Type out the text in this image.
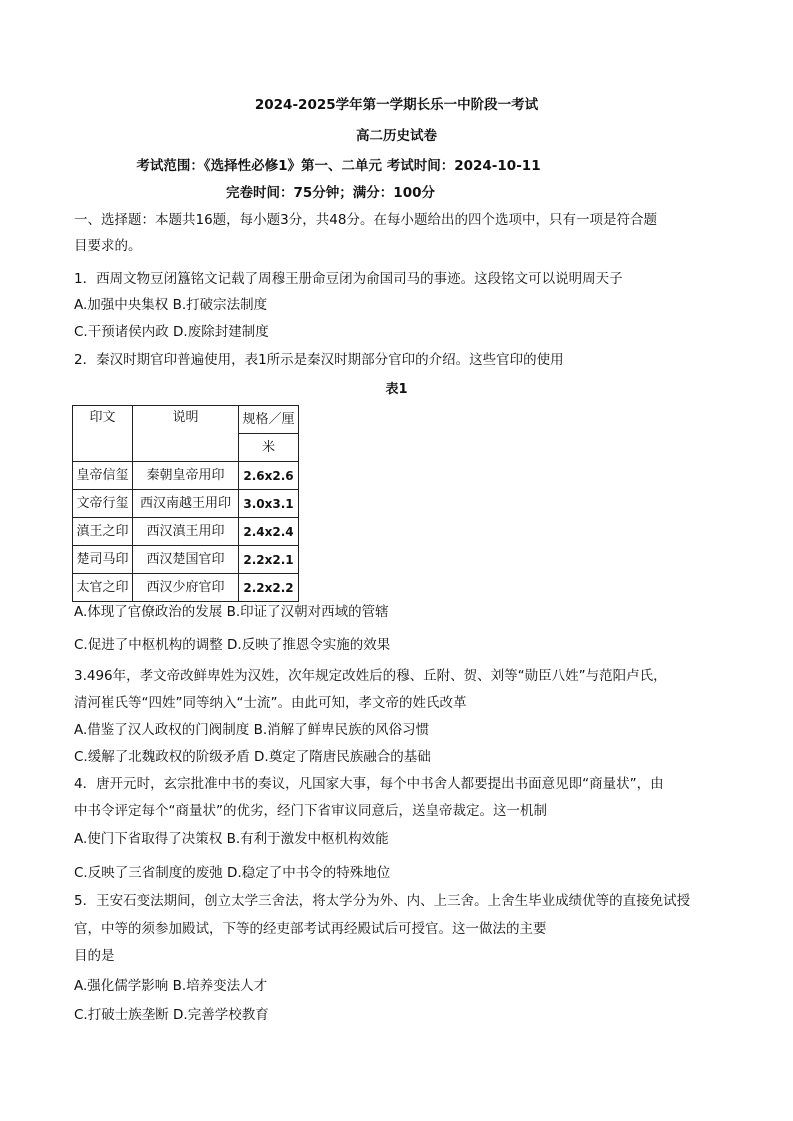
2024-2025学年第一学期长乐一中阶段一考试
高二历史试卷
考试范围：《选择性必修1》第一、二单元 考试时间：2024-10-11
完卷时间：75分钟；满分：100分
一、选择题：本题共16题，每小题3分，共48分。在每小题给出的四个选项中，只有一项是符合题
目要求的。
1．西周文物豆闭簋铭文记载了周穆王册命豆闭为俞国司马的事迹。这段铭文可以说明周天子
A.加强中央集权 B.打破宗法制度
C.干预诸侯内政 D.废除封建制度
2．秦汉时期官印普遍使用，表1所示是秦汉时期部分官印的介绍。这些官印的使用
表1
印文	说明	规格／厘
		米
皇帝信玺	秦朝皇帝用印	2.6x2.6
文帝行玺	西汉南越王用印	3.0x3.1
滇王之印	西汉滇王用印	2.4x2.4
楚司马印	西汉楚国官印	2.2x2.1
太官之印	西汉少府官印	2.2x2.2
A.体现了官僚政治的发展 B.印证了汉朝对西域的管辖
C.促进了中枢机构的调整 D.反映了推恩令实施的效果
3.496年，孝文帝改鲜卑姓为汉姓，次年规定改姓后的穆、丘附、贺、刘等“勋臣八姓”与范阳卢氏，
清河崔氏等“四姓”同等纳入“士流”。由此可知，孝文帝的姓氏改革
A.借鉴了汉人政权的门阀制度 B.消解了鲜卑民族的风俗习惯
C.缓解了北魏政权的阶级矛盾 D.奠定了隋唐民族融合的基础
4．唐开元时，玄宗批准中书的奏议，凡国家大事，每个中书舍人都要提出书面意见即“商量状”，由
中书令评定每个“商量状”的优劣，经门下省审议同意后，送皇帝裁定。这一机制
A.使门下省取得了决策权 B.有利于激发中枢机构效能
C.反映了三省制度的废弛 D.稳定了中书令的特殊地位
5．王安石变法期间，创立太学三舍法，将太学分为外、内、上三舍。上舍生毕业成绩优等的直接免试授
官，中等的须参加殿试，下等的经吏部考试再经殿试后可授官。这一做法的主要
目的是
A.强化儒学影响 B.培养变法人才
C.打破士族垄断 D.完善学校教育
